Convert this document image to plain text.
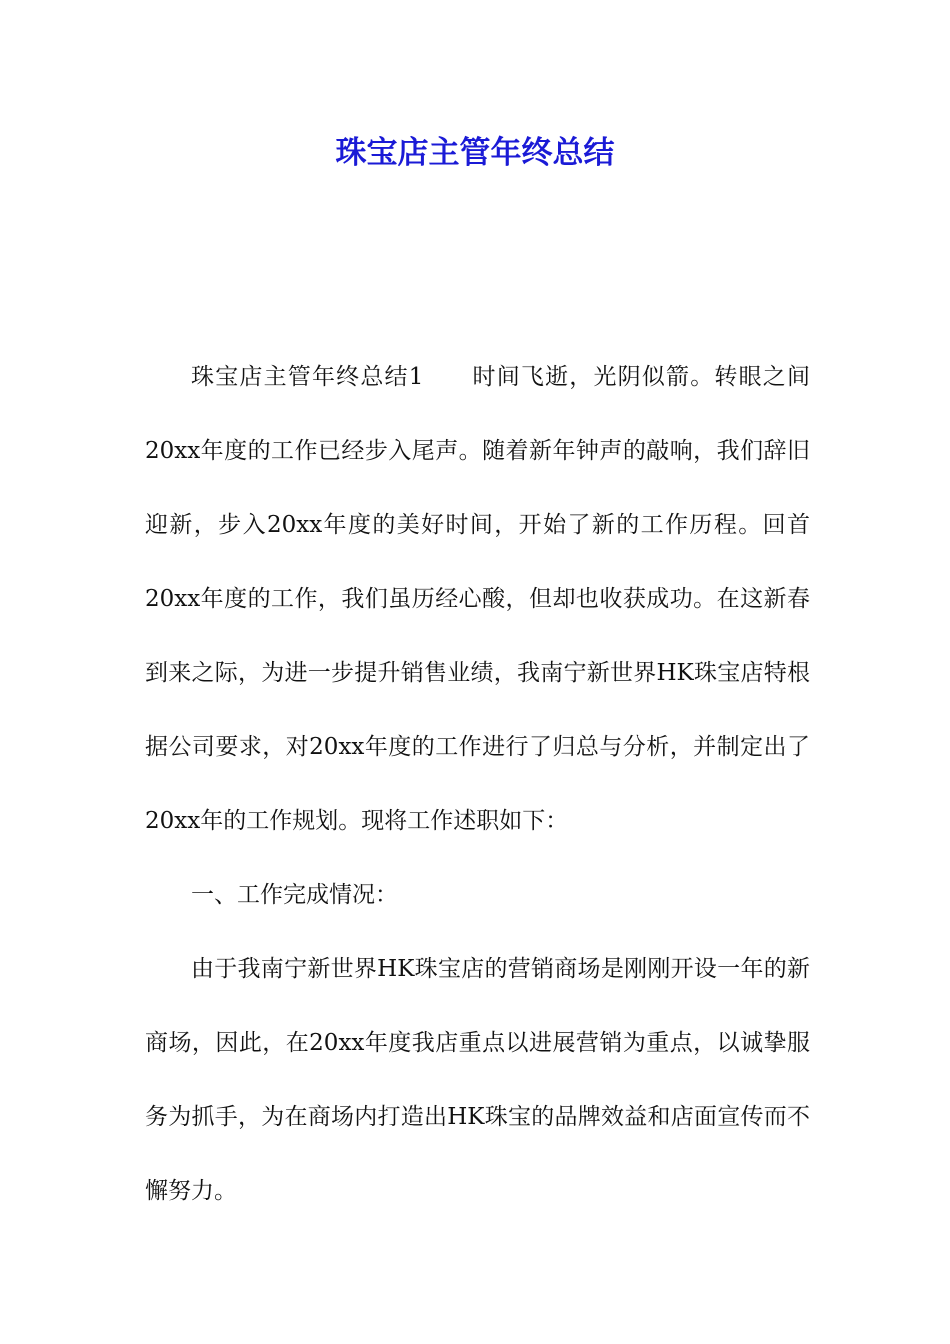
珠宝店主管年终总结

珠宝店主管年终总结1 时间飞逝，光阴似箭。转眼之间20xx年度的工作已经步入尾声。随着新年钟声的敲响，我们辞旧迎新，步入20xx年度的美好时间，开始了新的工作历程。回首20xx年度的工作，我们虽历经心酸，但却也收获成功。在这新春到来之际，为进一步提升销售业绩，我南宁新世界HK珠宝店特根据公司要求，对20xx年度的工作进行了归总与分析，并制定出了20xx年的工作规划。现将工作述职如下：

一、工作完成情况：

由于我南宁新世界HK珠宝店的营销商场是刚刚开设一年的新商场，因此，在20xx年度我店重点以进展营销为重点，以诚挚服务为抓手，为在商场内打造出HK珠宝的品牌效益和店面宣传而不懈努力。
